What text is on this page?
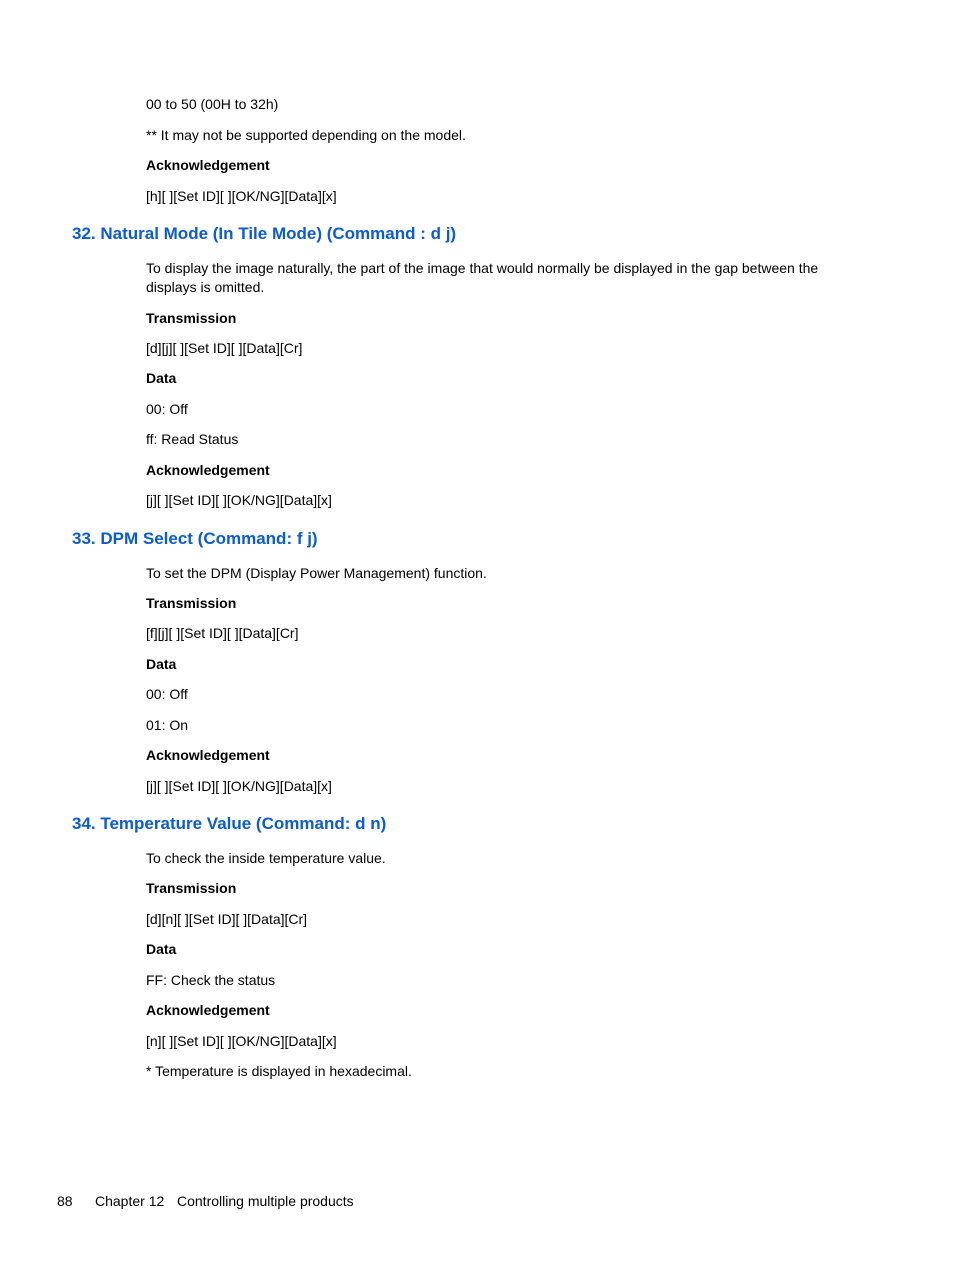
00 to 50 (00H to 32h)
** It may not be supported depending on the model.
Acknowledgement
[h][ ][Set ID][ ][OK/NG][Data][x]
32. Natural Mode (In Tile Mode) (Command : d j)
To display the image naturally, the part of the image that would normally be displayed in the gap between the displays is omitted.
Transmission
[d][j][ ][Set ID][ ][Data][Cr]
Data
00: Off
ff: Read Status
Acknowledgement
[j][ ][Set ID][ ][OK/NG][Data][x]
33. DPM Select (Command: f j)
To set the DPM (Display Power Management) function.
Transmission
[f][j][ ][Set ID][ ][Data][Cr]
Data
00: Off
01: On
Acknowledgement
[j][ ][Set ID][ ][OK/NG][Data][x]
34. Temperature Value (Command: d n)
To check the inside temperature value.
Transmission
[d][n][ ][Set ID][ ][Data][Cr]
Data
FF: Check the status
Acknowledgement
[n][ ][Set ID][ ][OK/NG][Data][x]
* Temperature is displayed in hexadecimal.
88 Chapter 12 Controlling multiple products
